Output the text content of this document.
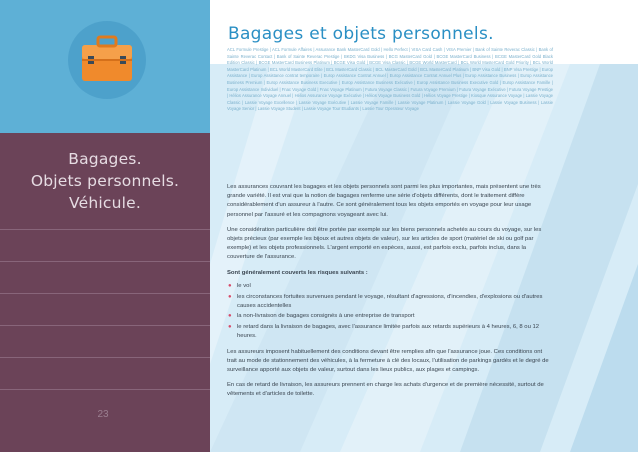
Bagages.
Objets personnels.
Véhicule.
23
Bagages et objets personnels.
ACL Formule Prestige | ACL Formule Affaires | Assurance Bank MasterCard Gold | Hello Perfect | VISA Card Cash | VISA Premier | Bank of Sainte Reverac Classic | Bank of Sainte Reverac Contact | Bank of Sainte Reverac Prestige | BKDG Visa Business | BCG MasterCard Gold | BCGE MasterCard Business | BCGE MasterCard Gold Black Edition Classic | BCGE MasterCard Business Platinum | BCGE Visa Gold | BCGE Visa Classic | BCGE World MasterCard | BCL World MasterCard Gold Priority | BCL World MasterCard Platinum | BCL World MasterCard Elite | BCL MasterCard Classic | BCL MasterCard Gold | BCL MasterCard Platinum | BNP Visa Gold | BNP Visa Prestige | Europ Assistance | Europ Assistance contrat temporaire | Europ Assistance Contrat Annuel | Europ Assistance Contrat Annuel Plus | Europ Assistance Business | Europ Assistance Business Premium | Europ Assistance Business Executive | Europ Assistance Business Exécutive | Europ Assistance Business Executive Gold | Europ Assistance Famille | Europ Assistance Individuel | Fnac Voyage Gold | Fnac Voyage Platinum | Futura Voyage Classic | Futura Voyage Premium | Futura Voyage Exécutive | Futura Voyage Prestige | Hélios Assurance Voyage Annuel | Hélios Assurance Voyage Exécutive | Hélios Voyage Business Gold | Hélios Voyage Prestige | Kiosque Assurance Voyage | Lassie Voyage Classic | Lassie Voyage Excellence | Lassie Voyage Exécutive | Lassie Voyage Famille | Lassie Voyage Platinum | Lassie Voyage Gold | Lassie Voyage Business | Lassie Voyage Senior | Lassie Voyage Student | Lassie Voyage Tour Etudiants | Lassie Tour Operateur Voyage

Les assurances couvrant les bagages et les objets personnels sont parmi les plus importantes, mais présentent une très grande variété. Il est vrai que la notion de bagages renferme une série d'objets différents, dont le traitement diffère considérablement d'un assureur à l'autre. Ce sont généralement tous les objets emportés en voyage pour leur usage personnel par l'assuré et les compagnons voyageant avec lui.

Une considération particulière doit être portée par exemple sur les biens personnels achetés au cours du voyage, sur les objets précieux (par exemple les bijoux et autres objets de valeur), sur les articles de sport (matériel de ski ou golf par exemple) et les objets professionnels. L'argent emporté en espèces, aussi, est parfois exclu, parfois inclus, dans la couverture de l'assurance.

Sont généralement couverts les risques suivants :

● le vol
● les circonstances fortuites survenues pendant le voyage, résultant d'agressions, d'incendies, d'explosions ou d'autres causes accidentelles
● la non-livraison de bagages consignés à une entreprise de transport
● le retard dans la livraison de bagages, avec l'assurance limitée parfois aux retards supérieurs à 4 heures, 6, 8 ou 12 heures.

Les assureurs imposent habituellement des conditions devant être remplies afin que l'assurance joue. Ces conditions ont trait au mode de stationnement des véhicules, à la fermeture à clé des locaux, l'utilisation de parkings gardés et le degré de surveillance apporté aux objets de valeur, surtout dans les lieux publics, aux plages et campings.

En cas de retard de livraison, les assureurs prennent en charge les achats d'urgence et de première nécessité, surtout de vêtements et d'articles de toilette.
